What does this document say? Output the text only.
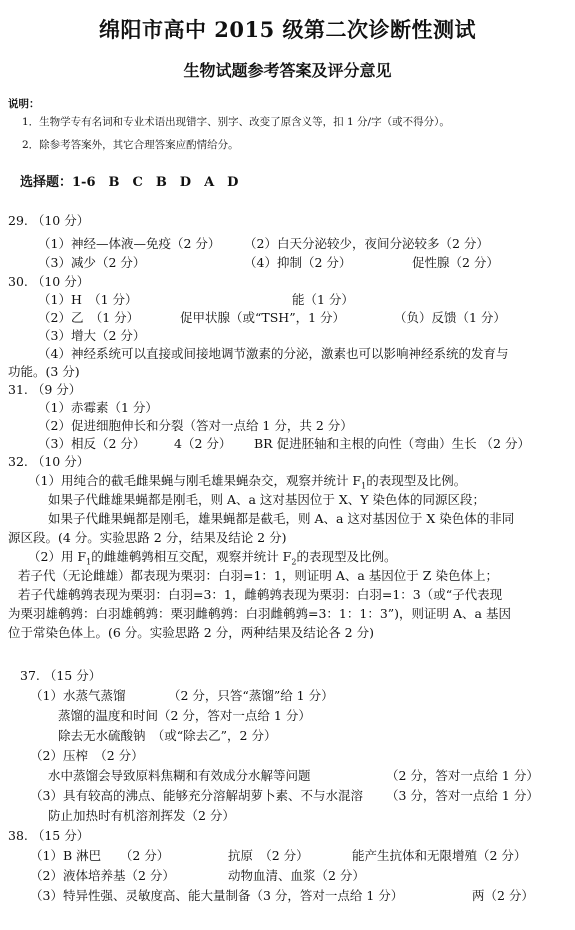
绵阳市高中 2015 级第二次诊断性测试
生物试题参考答案及评分意见
说明：
1．生物学专有名词和专业术语出现错字、别字、改变了原含义等，扣 1 分/字（或不得分）。
2．除参考答案外，其它合理答案应酌情给分。
选择题：1-6　B　C　B　D　A　D
29. （10 分）
（1）神经—体液—免疫（2 分） （2）白天分泌较少，夜间分泌较多（2 分）
（3）减少（2 分）	（4）抑制（2 分）	促性腺（2 分）
30. （10 分）
（1）H　（1 分）	能（1 分）
（2）乙　（1 分）	促甲状腺（或“TSH”，1 分）	（负）反馈（1 分）
（3）增大（2 分）
（4）神经系统可以直接或间接地调节激素的分泌，激素也可以影响神经系统的发育与
功能。(3 分)
31. （9 分）
（1）赤霉素（1 分）
（2）促进细胞伸长和分裂（答对一点给 1 分，共 2 分）
（3）相反（2 分） 4（2 分） BR 促进胚轴和主根的向性（弯曲）生长 （2 分）
32. （10 分）
（1）用纯合的截毛雌果蝇与刚毛雄果蝇杂交，观察并统计 $F_1$的表现型及比例。
如果子代雌雄果蝇都是刚毛，则 A、a 这对基因位于 X、Y 染色体的同源区段；
如果子代雌果蝇都是刚毛，雄果蝇都是截毛，则 A、a 这对基因位于 X 染色体的非同
源区段。(4 分。实验思路 2 分，结果及结论 2 分)
（2）用 $F_1$的雌雄鹌鹑相互交配，观察并统计 $F_2$的表现型及比例。
若子代（无论雌雄）都表现为栗羽：白羽=1：1，则证明 A、a 基因位于 Z 染色体上；
若子代雄鹌鹑表现为栗羽：白羽=3：1，雌鹌鹑表现为栗羽：白羽=1：3（或“子代表现
为栗羽雄鹌鹑：白羽雄鹌鹑：栗羽雌鹌鹑：白羽雌鹌鹑=3：1：1：3”)，则证明 A、a 基因
位于常染色体上。(6 分。实验思路 2 分，两种结果及结论各 2 分)
37. （15 分）
（1）水蒸气蒸馏	（2 分，只答“蒸馏”给 1 分）
蒸馏的温度和时间（2 分，答对一点给 1 分）
除去无水硫酸钠　（或“除去乙”，2 分）
（2）压榨　（2 分）
水中蒸馏会导致原料焦糊和有效成分水解等问题	（2 分，答对一点给 1 分）
（3）具有较高的沸点、能够充分溶解胡萝卜素、不与水混溶 （3 分，答对一点给 1 分）
防止加热时有机溶剂挥发（2 分）
38. （15 分）
（1）B 淋巴　　（2 分）	抗原　（2 分）	能产生抗体和无限增殖（2 分）
（2）液体培养基（2 分）	动物血清、血浆（2 分）
（3）特异性强、灵敏度高、能大量制备（3 分，答对一点给 1 分）	两（2 分）
